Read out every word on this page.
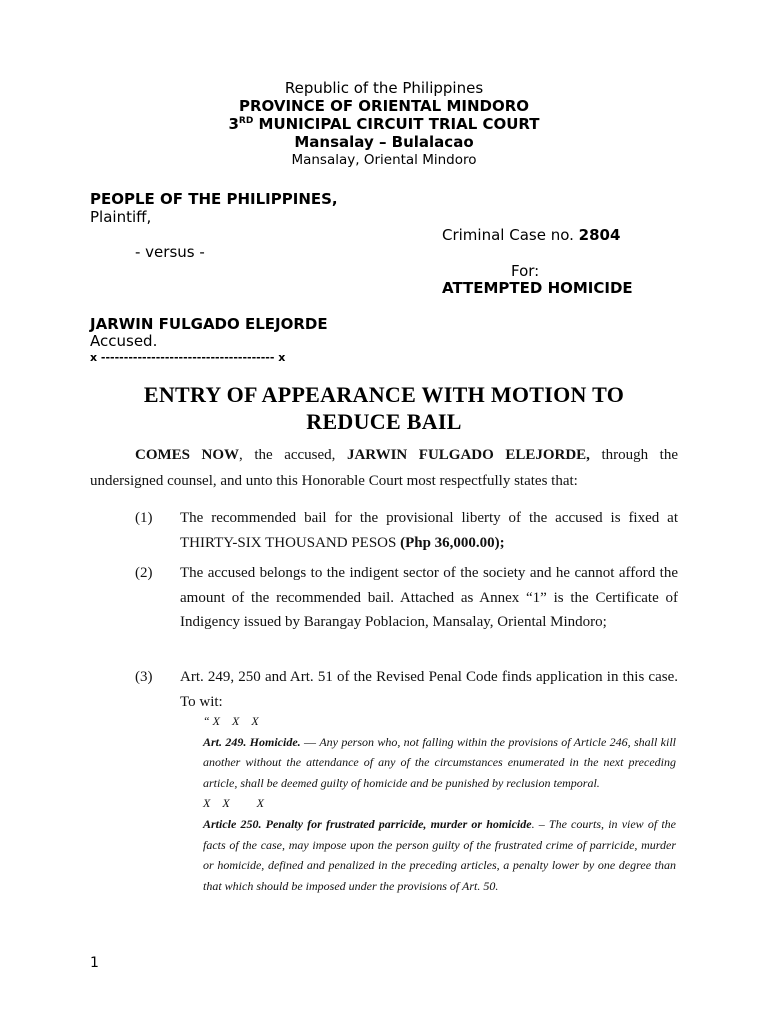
Republic of the Philippines
PROVINCE OF ORIENTAL MINDORO
3RD MUNICIPAL CIRCUIT TRIAL COURT
Mansalay – Bulalacao
Mansalay, Oriental Mindoro
PEOPLE OF THE PHILIPPINES,
Plaintiff,
Criminal Case no. 2804
- versus -
For:
ATTEMPTED HOMICIDE
JARWIN FULGADO ELEJORDE
Accused.
x -------------------------------------- x
ENTRY OF APPEARANCE WITH MOTION TO
REDUCE BAIL
COMES NOW, the accused, JARWIN FULGADO ELEJORDE, through the undersigned counsel, and unto this Honorable Court most respectfully states that:
(1)	The recommended bail for the provisional liberty of the accused is fixed at THIRTY-SIX THOUSAND PESOS (Php 36,000.00);
(2)	The accused belongs to the indigent sector of the society and he cannot afford the amount of the recommended bail. Attached as Annex “1” is the Certificate of Indigency issued by Barangay Poblacion, Mansalay, Oriental Mindoro;
(3)	Art. 249, 250 and Art. 51 of the Revised Penal Code finds application in this case. To wit:
“ X    X    X
Art. 249. Homicide. — Any person who, not falling within the provisions of Article 246, shall kill another without the attendance of any of the circumstances enumerated in the next preceding article, shall be deemed guilty of homicide and be punished by reclusion temporal.
X    X         X
Article 250. Penalty for frustrated parricide, murder or homicide. – The courts, in view of the facts of the case, may impose upon the person guilty of the frustrated crime of parricide, murder or homicide, defined and penalized in the preceding articles, a penalty lower by one degree than that which should be imposed under the provisions of Art. 50.
1
